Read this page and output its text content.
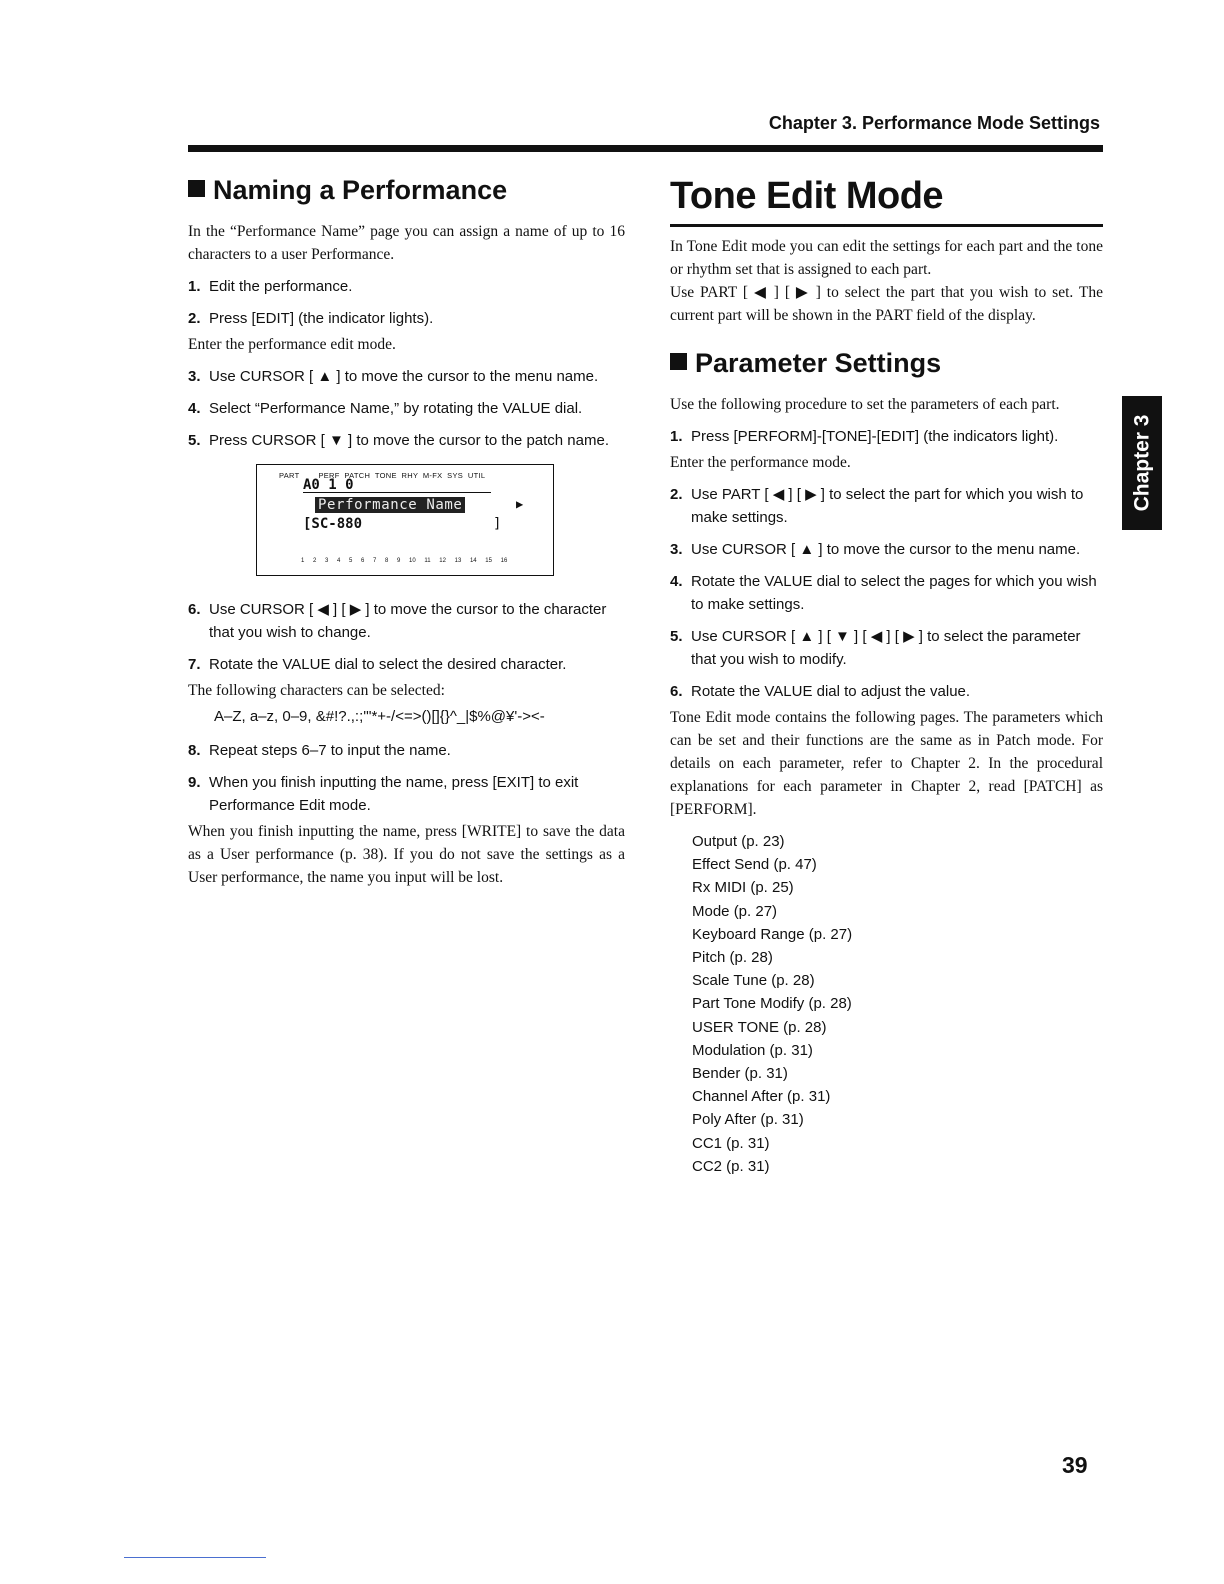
Chapter 3. Performance Mode Settings
Naming a Performance

In the “Performance Name” page you can assign a name of up to 16 characters to a user Performance.

1. Edit the performance.
2. Press [EDIT] (the indicator lights).

Enter the performance edit mode.

3. Use CURSOR [ ▲ ] to move the cursor to the menu name.
4. Select “Performance Name,” by rotating the VALUE dial.
5. Press CURSOR [ ▼ ] to move the cursor to the patch name.
PART        PERF  PATCH  TONE  RHY  M-FX  SYS  UTIL
A0 1 0
Performance Name	▶
[SC-880	]
1 2 3 4 5 6 7 8 9 10 11 12 13 14 15 16
6. Use CURSOR [ ◀ ] [ ▶ ] to move the cursor to the character that you wish to change.
7. Rotate the VALUE dial to select the desired character.

The following characters can be selected:

A–Z, a–z, 0–9, &#!?.,:;'"*+-/<=>()[]{}^_|$%@¥'-><-

8. Repeat steps 6–7 to input the name.
9. When you finish inputting the name, press [EXIT] to exit Performance Edit mode.

When you finish inputting the name, press [WRITE] to save the data as a User performance (p. 38). If you do not save the settings as a User performance, the name you input will be lost.

Tone Edit Mode

In Tone Edit mode you can edit the settings for each part and the tone or rhythm set that is assigned to each part.

Use PART [ ◀ ] [ ▶ ] to select the part that you wish to set. The current part will be shown in the PART field of the display.

Parameter Settings

Use the following procedure to set the parameters of each part.

1. Press [PERFORM]-[TONE]-[EDIT] (the indicators light).

Enter the performance mode.

2. Use PART [ ◀ ] [ ▶ ] to select the part for which you wish to make settings.
3. Use CURSOR [ ▲ ] to move the cursor to the menu name.
4. Rotate the VALUE dial to select the pages for which you wish to make settings.
5. Use CURSOR [ ▲ ] [ ▼ ] [ ◀ ] [ ▶ ] to select the parameter that you wish to modify.
6. Rotate the VALUE dial to adjust the value.

Tone Edit mode contains the following pages. The parameters which can be set and their functions are the same as in Patch mode. For details on each parameter, refer to Chapter 2. In the procedural explanations for each parameter in Chapter 2, read [PATCH] as [PERFORM].

Output (p. 23)
Effect Send (p. 47)
Rx MIDI (p. 25)
Mode (p. 27)
Keyboard Range (p. 27)
Pitch (p. 28)
Scale Tune (p. 28)
Part Tone Modify (p. 28)
USER TONE (p. 28)
Modulation (p. 31)
Bender (p. 31)
Channel After (p. 31)
Poly After (p. 31)
CC1 (p. 31)
CC2 (p. 31)
Chapter 3
39
